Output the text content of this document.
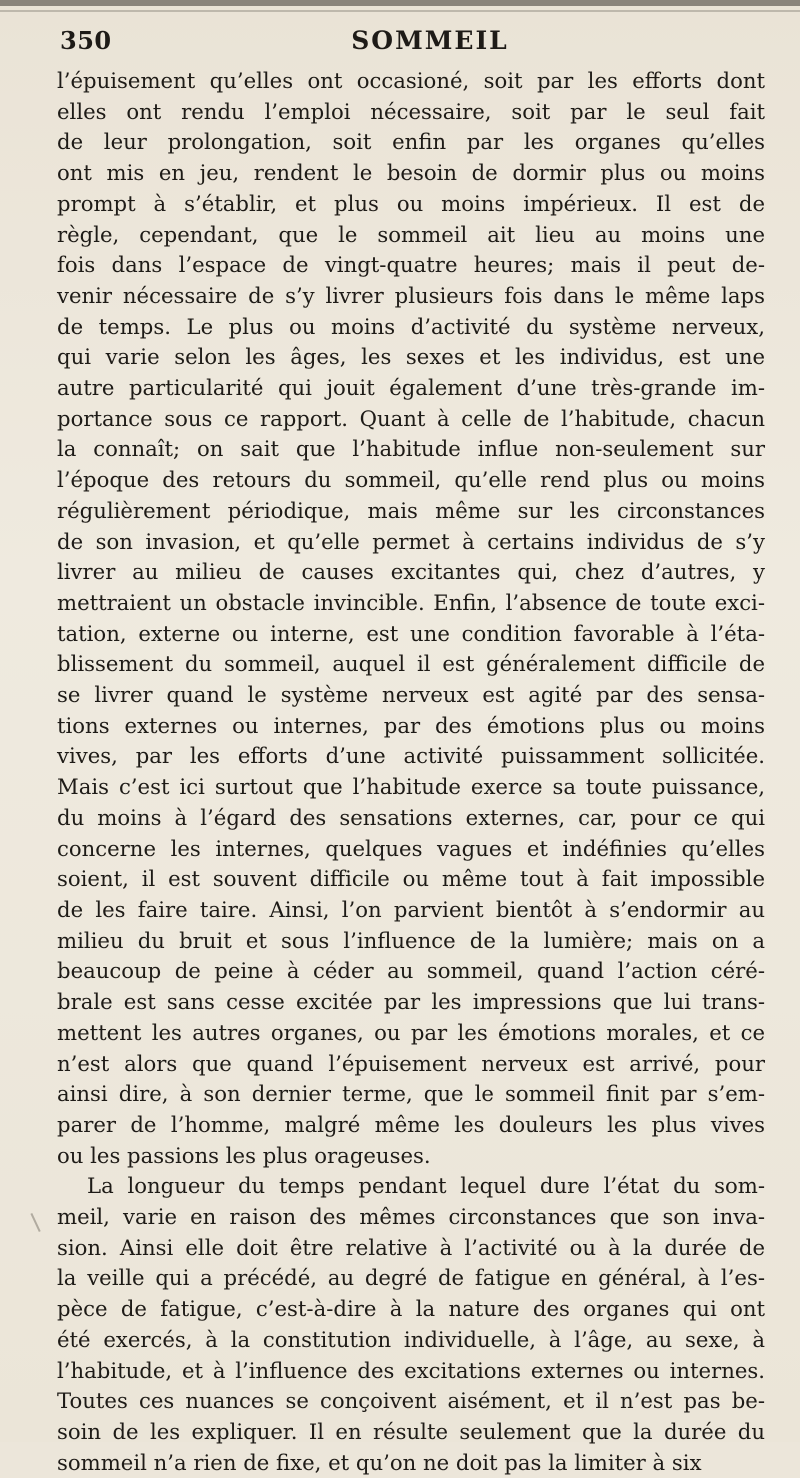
350	SOMMEIL
l’épuisement qu’elles ont occasioné, soit par les efforts dont
elles ont rendu l’emploi nécessaire, soit par le seul fait
de leur prolongation, soit enfin par les organes qu’elles
ont mis en jeu, rendent le besoin de dormir plus ou moins
prompt à s’établir, et plus ou moins impérieux. Il est de
règle, cependant, que le sommeil ait lieu au moins une
fois dans l’espace de vingt-quatre heures; mais il peut de-
venir nécessaire de s’y livrer plusieurs fois dans le même laps
de temps. Le plus ou moins d’activité du système nerveux,
qui varie selon les âges, les sexes et les individus, est une
autre particularité qui jouit également d’une très-grande im-
portance sous ce rapport. Quant à celle de l’habitude, chacun
la connaît; on sait que l’habitude influe non-seulement sur
l’époque des retours du sommeil, qu’elle rend plus ou moins
régulièrement périodique, mais même sur les circonstances
de son invasion, et qu’elle permet à certains individus de s’y
livrer au milieu de causes excitantes qui, chez d’autres, y
mettraient un obstacle invincible. Enfin, l’absence de toute exci-
tation, externe ou interne, est une condition favorable à l’éta-
blissement du sommeil, auquel il est généralement difficile de
se livrer quand le système nerveux est agité par des sensa-
tions externes ou internes, par des émotions plus ou moins
vives, par les efforts d’une activité puissamment sollicitée.
Mais c’est ici surtout que l’habitude exerce sa toute puissance,
du moins à l’égard des sensations externes, car, pour ce qui
concerne les internes, quelques vagues et indéfinies qu’elles
soient, il est souvent difficile ou même tout à fait impossible
de les faire taire. Ainsi, l’on parvient bientôt à s’endormir au
milieu du bruit et sous l’influence de la lumière; mais on a
beaucoup de peine à céder au sommeil, quand l’action céré-
brale est sans cesse excitée par les impressions que lui trans-
mettent les autres organes, ou par les émotions morales, et ce
n’est alors que quand l’épuisement nerveux est arrivé, pour
ainsi dire, à son dernier terme, que le sommeil finit par s’em-
parer de l’homme, malgré même les douleurs les plus vives
ou les passions les plus orageuses.
La longueur du temps pendant lequel dure l’état du som-
meil, varie en raison des mêmes circonstances que son inva-
sion. Ainsi elle doit être relative à l’activité ou à la durée de
la veille qui a précédé, au degré de fatigue en général, à l’es-
pèce de fatigue, c’est-à-dire à la nature des organes qui ont
été exercés, à la constitution individuelle, à l’âge, au sexe, à
l’habitude, et à l’influence des excitations externes ou internes.
Toutes ces nuances se conçoivent aisément, et il n’est pas be-
soin de les expliquer. Il en résulte seulement que la durée du
sommeil n’a rien de fixe, et qu’on ne doit pas la limiter à six
